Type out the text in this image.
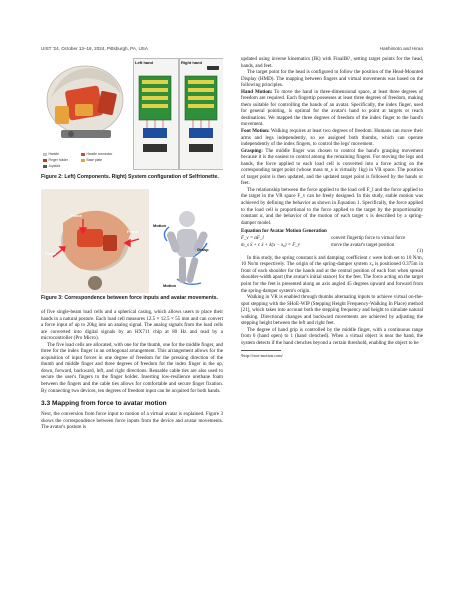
UIST '24, October 13–16, 2024, Pittsburgh, PA, USA	Hashimoto and Hirao
Handle	Handle connector
Finger holder	Base plate
Joystick
Left hand	Right hand
Figure 2: Left) Components. Right) System configuration of Selfrionette.
Force
Force
Force
Motion
Grasp
Motion
Figure 3: Correspondence between force inputs and avatar movements.

of five single-beam load cells and a spherical casing, which allows users to place their hands in a natural posture. Each load cell measures 12.5 × 12.5 × 55 mm and can convert a force input of up to 20kg into an analog signal. The analog signals from the load cells are converted into digital signals by an HX711 chip at 80 Hz and read by a microcontroller (Pro Micro).

The five load cells are allocated, with one for the thumb, one for the middle finger, and three for the index finger in an orthogonal arrangement. This arrangement allows for the acquisition of input forces in one degree of freedom for the pressing direction of the thumb and middle finger and three degrees of freedom for the index finger in the up, down, forward, backward, left, and right directions. Reusable cable ties are also used to secure the user's fingers to the finger holder. Inserting low-resilience urethane foam between the fingers and the cable ties allows for comfortable and secure finger fixation. By connecting two devices, ten degrees of freedom input can be acquired for both hands.

3.3 Mapping from force to avatar motion

Next, the conversion from force input to motion of a virtual avatar is explained. Figure 3 shows the correspondence between force inputs from the device and avatar movements. The avatar's posture is

updated using inverse kinematics (IK) with FinalIK¹, setting target points for the head, hands, and feet.

The target point for the head is configured to follow the position of the Head-Mounted Display (HMD). The mapping between fingers and virtual movements was based on the following principles.

Hand Motion: To move the hand in three-dimensional space, at least three degrees of freedom are required. Each fingertip possesses at least three degrees of freedom, making them suitable for controlling the hands of an avatar. Specifically, the index finger, used for general pointing, is optimal for the avatar's hand to point at targets or reach destinations. We mapped the three degrees of freedom of the index finger to the hand's movement.

Foot Motion: Walking requires at least two degrees of freedom. Humans can move their arms and legs independently, so we assigned both thumbs, which can operate independently of the index fingers, to control the legs' movement.

Grasping: The middle finger was chosen to control the hand's grasping movement because it is the easiest to control among the remaining fingers. For moving the legs and hands, the force applied to each load cell is converted into a force acting on the corresponding target point (whose mass m_s is virtually 1kg) in VR space. The position of target point is then updated, and the updated target point is followed by the hands or feet.

The relationship between the force applied to the load cell F_l and the force applied to the target in the VR space F_v can be freely designed. In this study, stable motion was achieved by defining the behavior as shown in Equation 1. Specifically, the force applied to the load cell is proportional to the force applied to the target by the proportionality constant α, and the behavior of the motion of each target x is described by a spring-damper model.

Equation for Avatar Motion Generation

F_v = αF_l	convert fingertip force to virtual force
m_s ẍ + c ẋ + k(x − x₀) = F_v	move the avatar's target position
(1)

In this study, the spring constant k and damping coefficient c were both set to 10 N/m, 10 Ns/m respectively. The origin of the spring-damper system x₀ is positioned 0.375m in front of each shoulder for the hands and at the central position of each foot when spread shoulder-width apart (the avatar's initial stance) for the feet. The force acting on the target point for the feet is presented along an axis angled 45 degrees upward and forward from the spring-damper system's origin.

Walking in VR is enabled through thumbs alternating inputs to achieve virtual on-the-spot stepping with the SHoE-WIP (Stepping Height Frequency-Walking In Place) method [21], which takes into account both the stepping frequency and height to simulate natural walking. Directional changes and backward movements are achieved by adjusting the stepping height between the left and right feet.

The degree of hand grip is controlled by the middle finger, with a continuous range from 0 (hand open) to 1 (hand clenched). When a virtual object is near the hand, the system detects if the hand clenches beyond a certain threshold, enabling the object to be

¹http://root-motion.com/
